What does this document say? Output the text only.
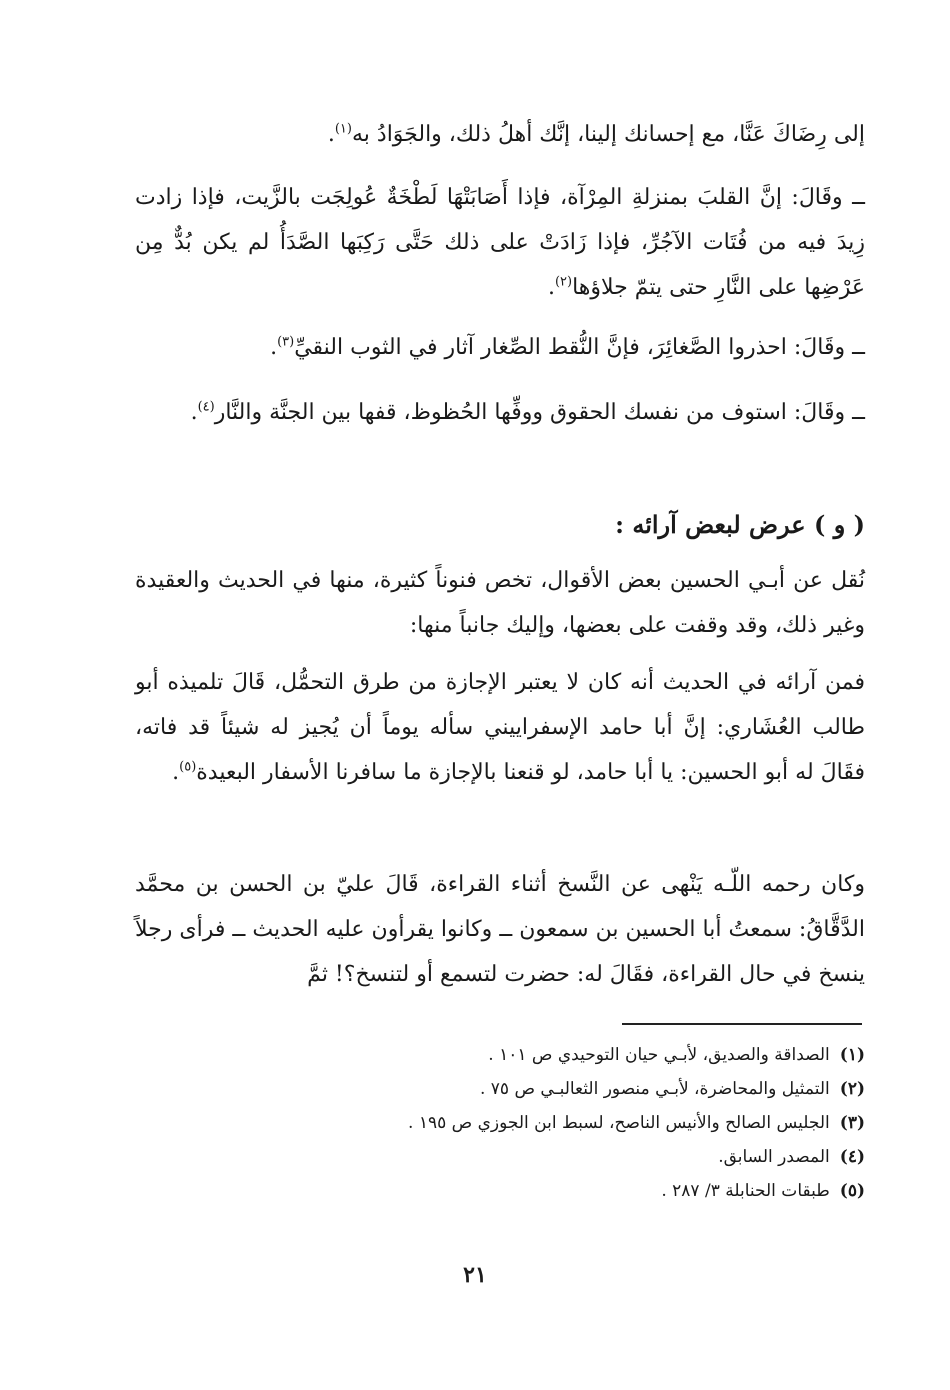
إلى رِضَاكَ عَنَّا، مع إحسانك إلينا، إنَّك أهلُ ذلك، والجَوَادُ به$^{(١)}$.
ــ وقَالَ: إنَّ القلبَ بمنزلةِ المِرْآة، فإذا أَصَابَتْهَا لَطْخَةٌ عُولِجَت بالزَّيت، فإذا زادت زِيدَ فيه من فُتَات الآجُرِّ، فإذا زَادَتْ على ذلك حَتَّى رَكِبَها الصَّدَأُ لم يكن بُدٌّ مِن عَرْضِها على النَّارِ حتى يتمّ جلاؤها$^{(٢)}$.
ــ وقَالَ: احذروا الصَّغائِرَ، فإنَّ النُّقط الصِّغار آثار في الثوب النقيِّ$^{(٣)}$.
ــ وقَالَ: استوف من نفسك الحقوق ووفِّها الحُظوظ، قفها بين الجنَّة والنَّار$^{(٤)}$.
( و ) عرض لبعض آرائه :
نُقل عن أبـي الحسين بعض الأقوال، تخص فنوناً كثيرة، منها في الحديث والعقيدة وغير ذلك، وقد وقفت على بعضها، وإليك جانباً منها:
فمن آرائه في الحديث أنه كان لا يعتبر الإجازة من طرق التحمُّل، قَالَ تلميذه أبو طالب العُشَاري: إنَّ أبا حامد الإسفراييني سأله يوماً أن يُجيز له شيئاً قد فاته، فقَالَ له أبو الحسين: يا أبا حامد، لو قنعنا بالإجازة ما سافرنا الأسفار البعيدة$^{(٥)}$.
وكان رحمه اللّـه يَنْهى عن النَّسخ أثناء القراءة، قَالَ عليّ بن الحسن بن محمَّد الدَّقَّاقُ: سمعتُ أبا الحسين بن سمعون ــ وكانوا يقرأون عليه الحديث ــ فرأى رجلاً ينسخ في حال القراءة، فقَالَ له: حضرت لتسمع أو لتنسخ؟! ثمَّ
(١)
الصداقة والصديق، لأبـي حيان التوحيدي ص ١٠١ .
(٢)
التمثيل والمحاضرة، لأبـي منصور الثعالبـي ص ٧٥ .
(٣)
الجليس الصالح والأنيس الناصح، لسبط ابن الجوزي ص ١٩٥ .
(٤)
المصدر السابق.
(٥)
طبقات الحنابلة ٣/ ٢٨٧ .
٢١
